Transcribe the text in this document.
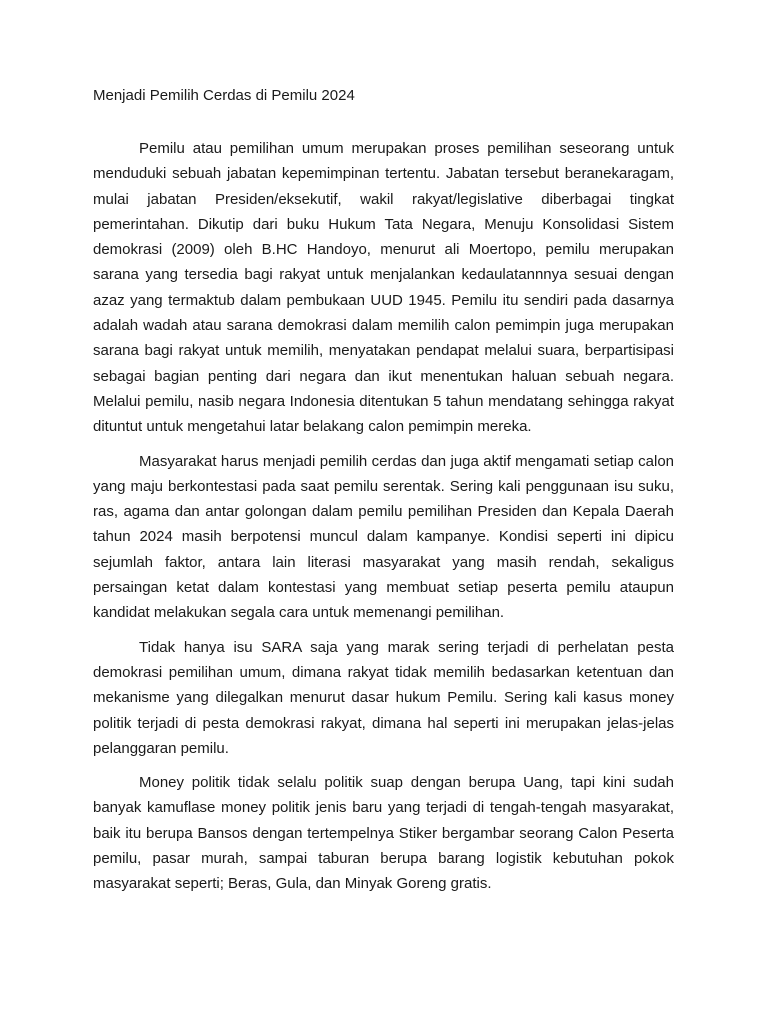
Menjadi Pemilih Cerdas di Pemilu 2024

Pemilu atau pemilihan umum merupakan proses pemilihan seseorang untuk menduduki sebuah jabatan kepemimpinan tertentu. Jabatan tersebut beranekaragam, mulai jabatan Presiden/eksekutif, wakil rakyat/legislative diberbagai tingkat pemerintahan. Dikutip dari buku Hukum Tata Negara, Menuju Konsolidasi Sistem demokrasi (2009) oleh B.HC Handoyo, menurut ali Moertopo, pemilu merupakan sarana yang tersedia bagi rakyat untuk menjalankan kedaulatannnya sesuai dengan azaz yang termaktub dalam pembukaan UUD 1945. Pemilu itu sendiri pada dasarnya adalah wadah atau sarana demokrasi dalam memilih calon pemimpin juga merupakan sarana bagi rakyat untuk memilih, menyatakan pendapat melalui suara, berpartisipasi sebagai bagian penting dari negara dan ikut menentukan haluan sebuah negara. Melalui pemilu, nasib negara Indonesia ditentukan 5 tahun mendatang sehingga rakyat dituntut untuk mengetahui latar belakang calon pemimpin mereka.

Masyarakat harus menjadi pemilih cerdas dan juga aktif mengamati setiap calon yang maju berkontestasi pada saat pemilu serentak. Sering kali penggunaan isu suku, ras, agama dan antar golongan dalam pemilu pemilihan Presiden dan Kepala Daerah tahun 2024 masih berpotensi muncul dalam kampanye. Kondisi seperti ini dipicu sejumlah faktor, antara lain literasi masyarakat yang masih rendah, sekaligus persaingan ketat dalam kontestasi yang membuat setiap peserta pemilu ataupun kandidat melakukan segala cara untuk memenangi pemilihan.

Tidak hanya isu SARA saja yang marak sering terjadi di perhelatan pesta demokrasi pemilihan umum, dimana rakyat tidak memilih bedasarkan ketentuan dan mekanisme yang dilegalkan menurut dasar hukum Pemilu. Sering kali kasus money politik terjadi di pesta demokrasi rakyat, dimana hal seperti ini merupakan jelas-jelas pelanggaran pemilu.

Money politik tidak selalu politik suap dengan berupa Uang, tapi kini sudah banyak kamuflase money politik jenis baru yang terjadi di tengah-tengah masyarakat, baik itu berupa Bansos dengan tertempelnya Stiker bergambar seorang Calon Peserta pemilu, pasar murah, sampai taburan berupa barang logistik kebutuhan pokok masyarakat seperti; Beras, Gula, dan Minyak Goreng gratis.
